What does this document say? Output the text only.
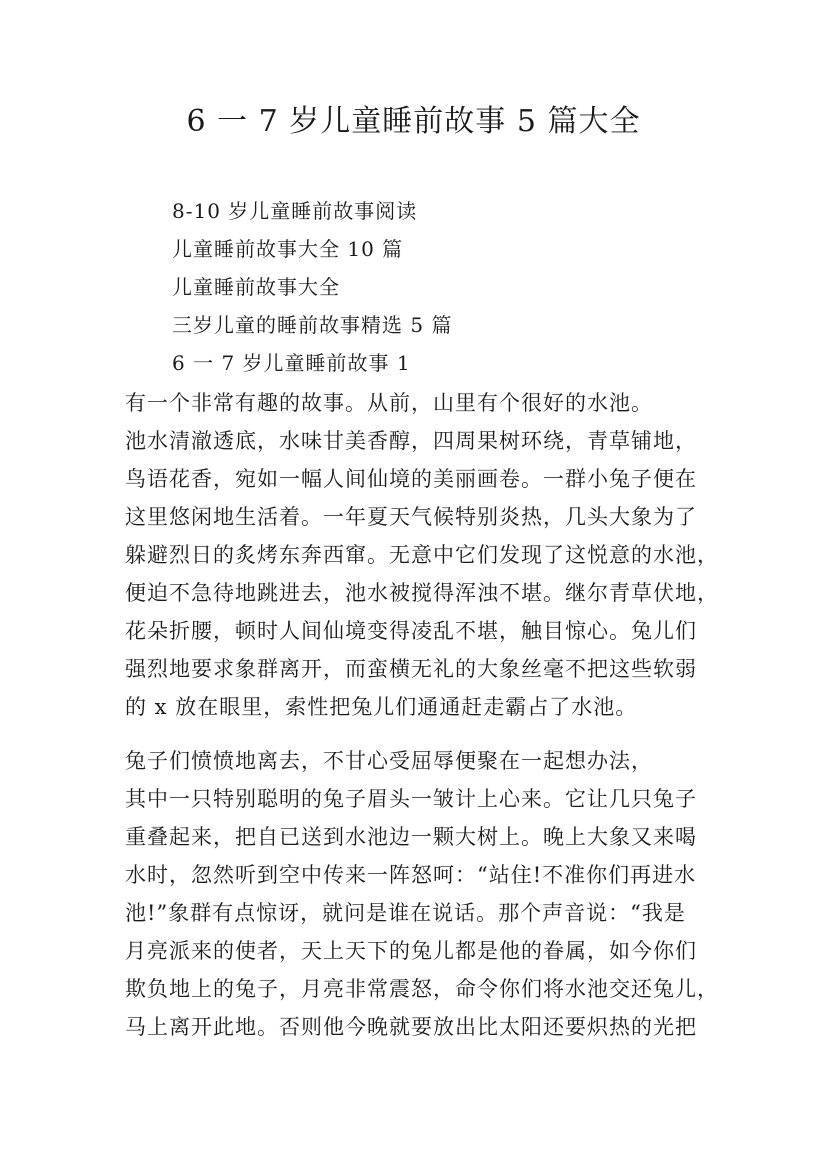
6 一 7 岁儿童睡前故事 5 篇大全
8-10 岁儿童睡前故事阅读
儿童睡前故事大全 10 篇
儿童睡前故事大全
三岁儿童的睡前故事精选 5 篇
6 一 7 岁儿童睡前故事 1
有一个非常有趣的故事。从前，山里有个很好的水池。
池水清澈透底，水味甘美香醇，四周果树环绕，青草铺地，
鸟语花香，宛如一幅人间仙境的美丽画卷。一群小兔子便在
这里悠闲地生活着。一年夏天气候特别炎热，几头大象为了
躲避烈日的炙烤东奔西窜。无意中它们发现了这悦意的水池，
便迫不急待地跳进去，池水被搅得浑浊不堪。继尔青草伏地，
花朵折腰，顿时人间仙境变得凌乱不堪，触目惊心。兔儿们
强烈地要求象群离开，而蛮横无礼的大象丝毫不把这些软弱
的 x 放在眼里，索性把兔儿们通通赶走霸占了水池。
兔子们愤愤地离去，不甘心受屈辱便聚在一起想办法，
其中一只特别聪明的兔子眉头一皱计上心来。它让几只兔子
重叠起来，把自已送到水池边一颗大树上。晚上大象又来喝
水时，忽然听到空中传来一阵怒呵：“站住!不准你们再进水
池!”象群有点惊讶，就问是谁在说话。那个声音说：“我是
月亮派来的使者，天上天下的兔儿都是他的眷属，如今你们
欺负地上的兔子，月亮非常震怒，命令你们将水池交还兔儿，
马上离开此地。否则他今晚就要放出比太阳还要炽热的光把
